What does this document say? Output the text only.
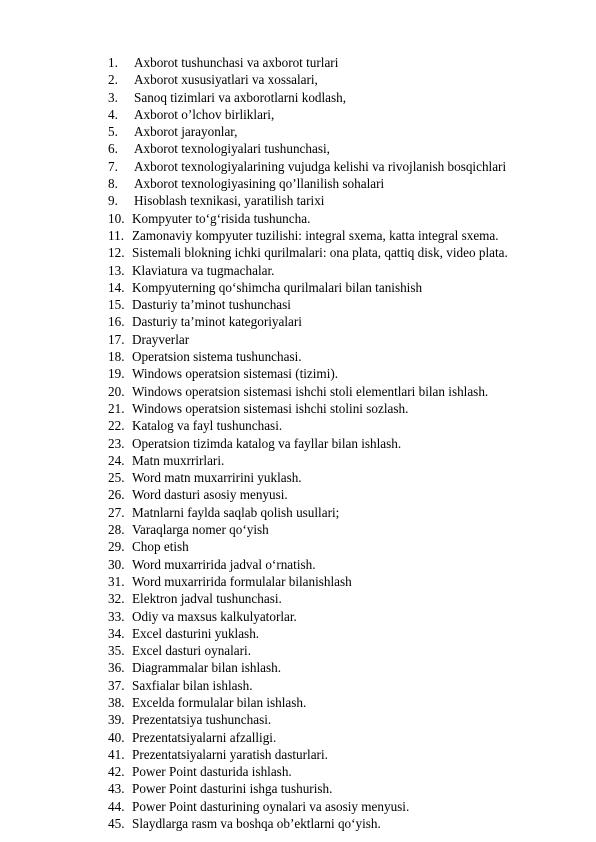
1.	Axborot tushunchasi va axborot turlari
2.	Axborot xususiyatlari va xossalari,
3.	Sanoq tizimlari va axborotlarni kodlash,
4.	Axborot o’lchov birliklari,
5.	Axborot jarayonlar,
6.	Axborot texnologiyalari tushunchasi,
7.	Axborot texnologiyalarining vujudga kelishi va rivojlanish bosqichlari
8.	Axborot texnologiyasining qo’llanilish sohalari
9.	Hisoblash texnikasi, yaratilish tarixi
10. Kompyuter to‘g‘risida tushuncha.
11. Zamonaviy kompyuter tuzilishi: integral sxema, katta integral sxema.
12. Sistemali blokning ichki qurilmalari: ona plata, qattiq disk, video plata.
13. Klaviatura va tugmachalar.
14. Kompyuterning qo‘shimcha qurilmalari bilan tanishish
15. Dasturiy ta’minot tushunchasi
16. Dasturiy ta’minot kategoriyalari
17. Drayverlar
18. Operatsion sistema tushunchasi.
19. Windows operatsion sistemasi (tizimi).
20. Windows operatsion sistemasi ishchi stoli elementlari bilan ishlash.
21. Windows operatsion sistemasi ishchi stolini sozlash.
22. Katalog va fayl tushunchasi.
23. Operatsion tizimda katalog va fayllar bilan ishlash.
24. Matn muxrrirlari.
25. Word matn muxarririni yuklash.
26. Word dasturi asosiy menyusi.
27. Matnlarni faylda saqlab qolish usullari;
28. Varaqlarga nomer qo‘yish
29. Chop etish
30. Word muxarririda jadval o‘rnatish.
31. Word muxarririda formulalar bilanishlash
32. Elektron jadval tushunchasi.
33. Odiy va maxsus kalkulyatorlar.
34. Excel dasturini yuklash.
35. Excel dasturi oynalari.
36. Diagrammalar bilan ishlash.
37. Saxfialar bilan ishlash.
38. Excelda formulalar bilan ishlash.
39. Prezentatsiya tushunchasi.
40. Prezentatsiyalarni afzalligi.
41. Prezentatsiyalarni yaratish dasturlari.
42. Power Point dasturida ishlash.
43. Power Point dasturini ishga tushurish.
44. Power Point dasturining oynalari va asosiy menyusi.
45. Slaydlarga rasm va boshqa ob’ektlarni qo‘yish.
